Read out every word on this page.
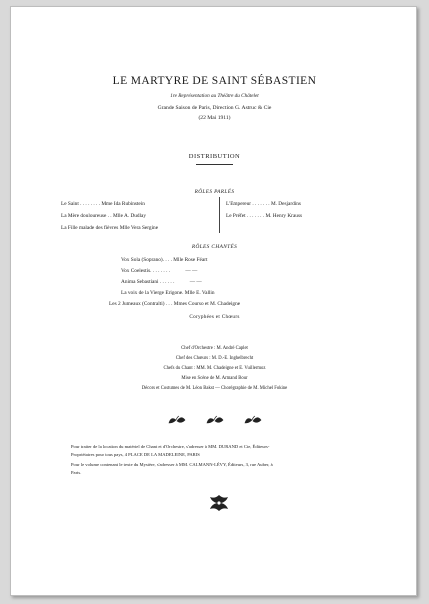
LE MARTYRE DE SAINT SÉBASTIEN
1re Représentation au Théâtre du Châtelet
Grande Saison de Paris, Direction G. Astruc & Cie
(22 Mai 1911)
DISTRIBUTION
RÔLES PARLÉS
Le Saint . . . . . . . . Mme Ida Rubinstein
La Mère douloureuse . . Mlle A. Dudlay
La Fille malade des fièvres Mlle Vera Sergine
L'Empereur . . . . . . . M. Desjardins
Le Préfet . . . . . . . M. Henry Krauss
RÔLES CHANTÉS
Vox Sola (Soprano). . . . Mlle Rose Féart
Vox Coelestis. . . . . . . .	— —
Anima Sebastiani . . . . . .	— —
La voix de la Vierge Erigone. Mlle E. Vallin
Les 2 Jumeaux (Contralti) . . . Mmes Courso et M. Chadeigne
Coryphées et Chœurs
Chef d'Orchestre : M. André Caplet
Chef des Chœurs : M. D.-E. Inghelbrecht
Chefs du Chant : MM. M. Chadeigne et E. Vuillermoz
Mise en Scène de M. Armand Bour
Décors et Costumes de M. Léon Bakst — Chorégraphie de M. Michel Fokine
Pour traiter de la location du matériel de Chant et d'Orchestre, s'adresser à MM. DURAND et Cie, Éditeurs-
Propriétaires pour tous pays, 4 PLACE DE LA MADELEINE, PARIS
Pour le volume contenant le texte du Mystère, s'adresser à MM. CALMANN-LÉVY, Éditeurs, 3, rue Auber, à
Paris.
